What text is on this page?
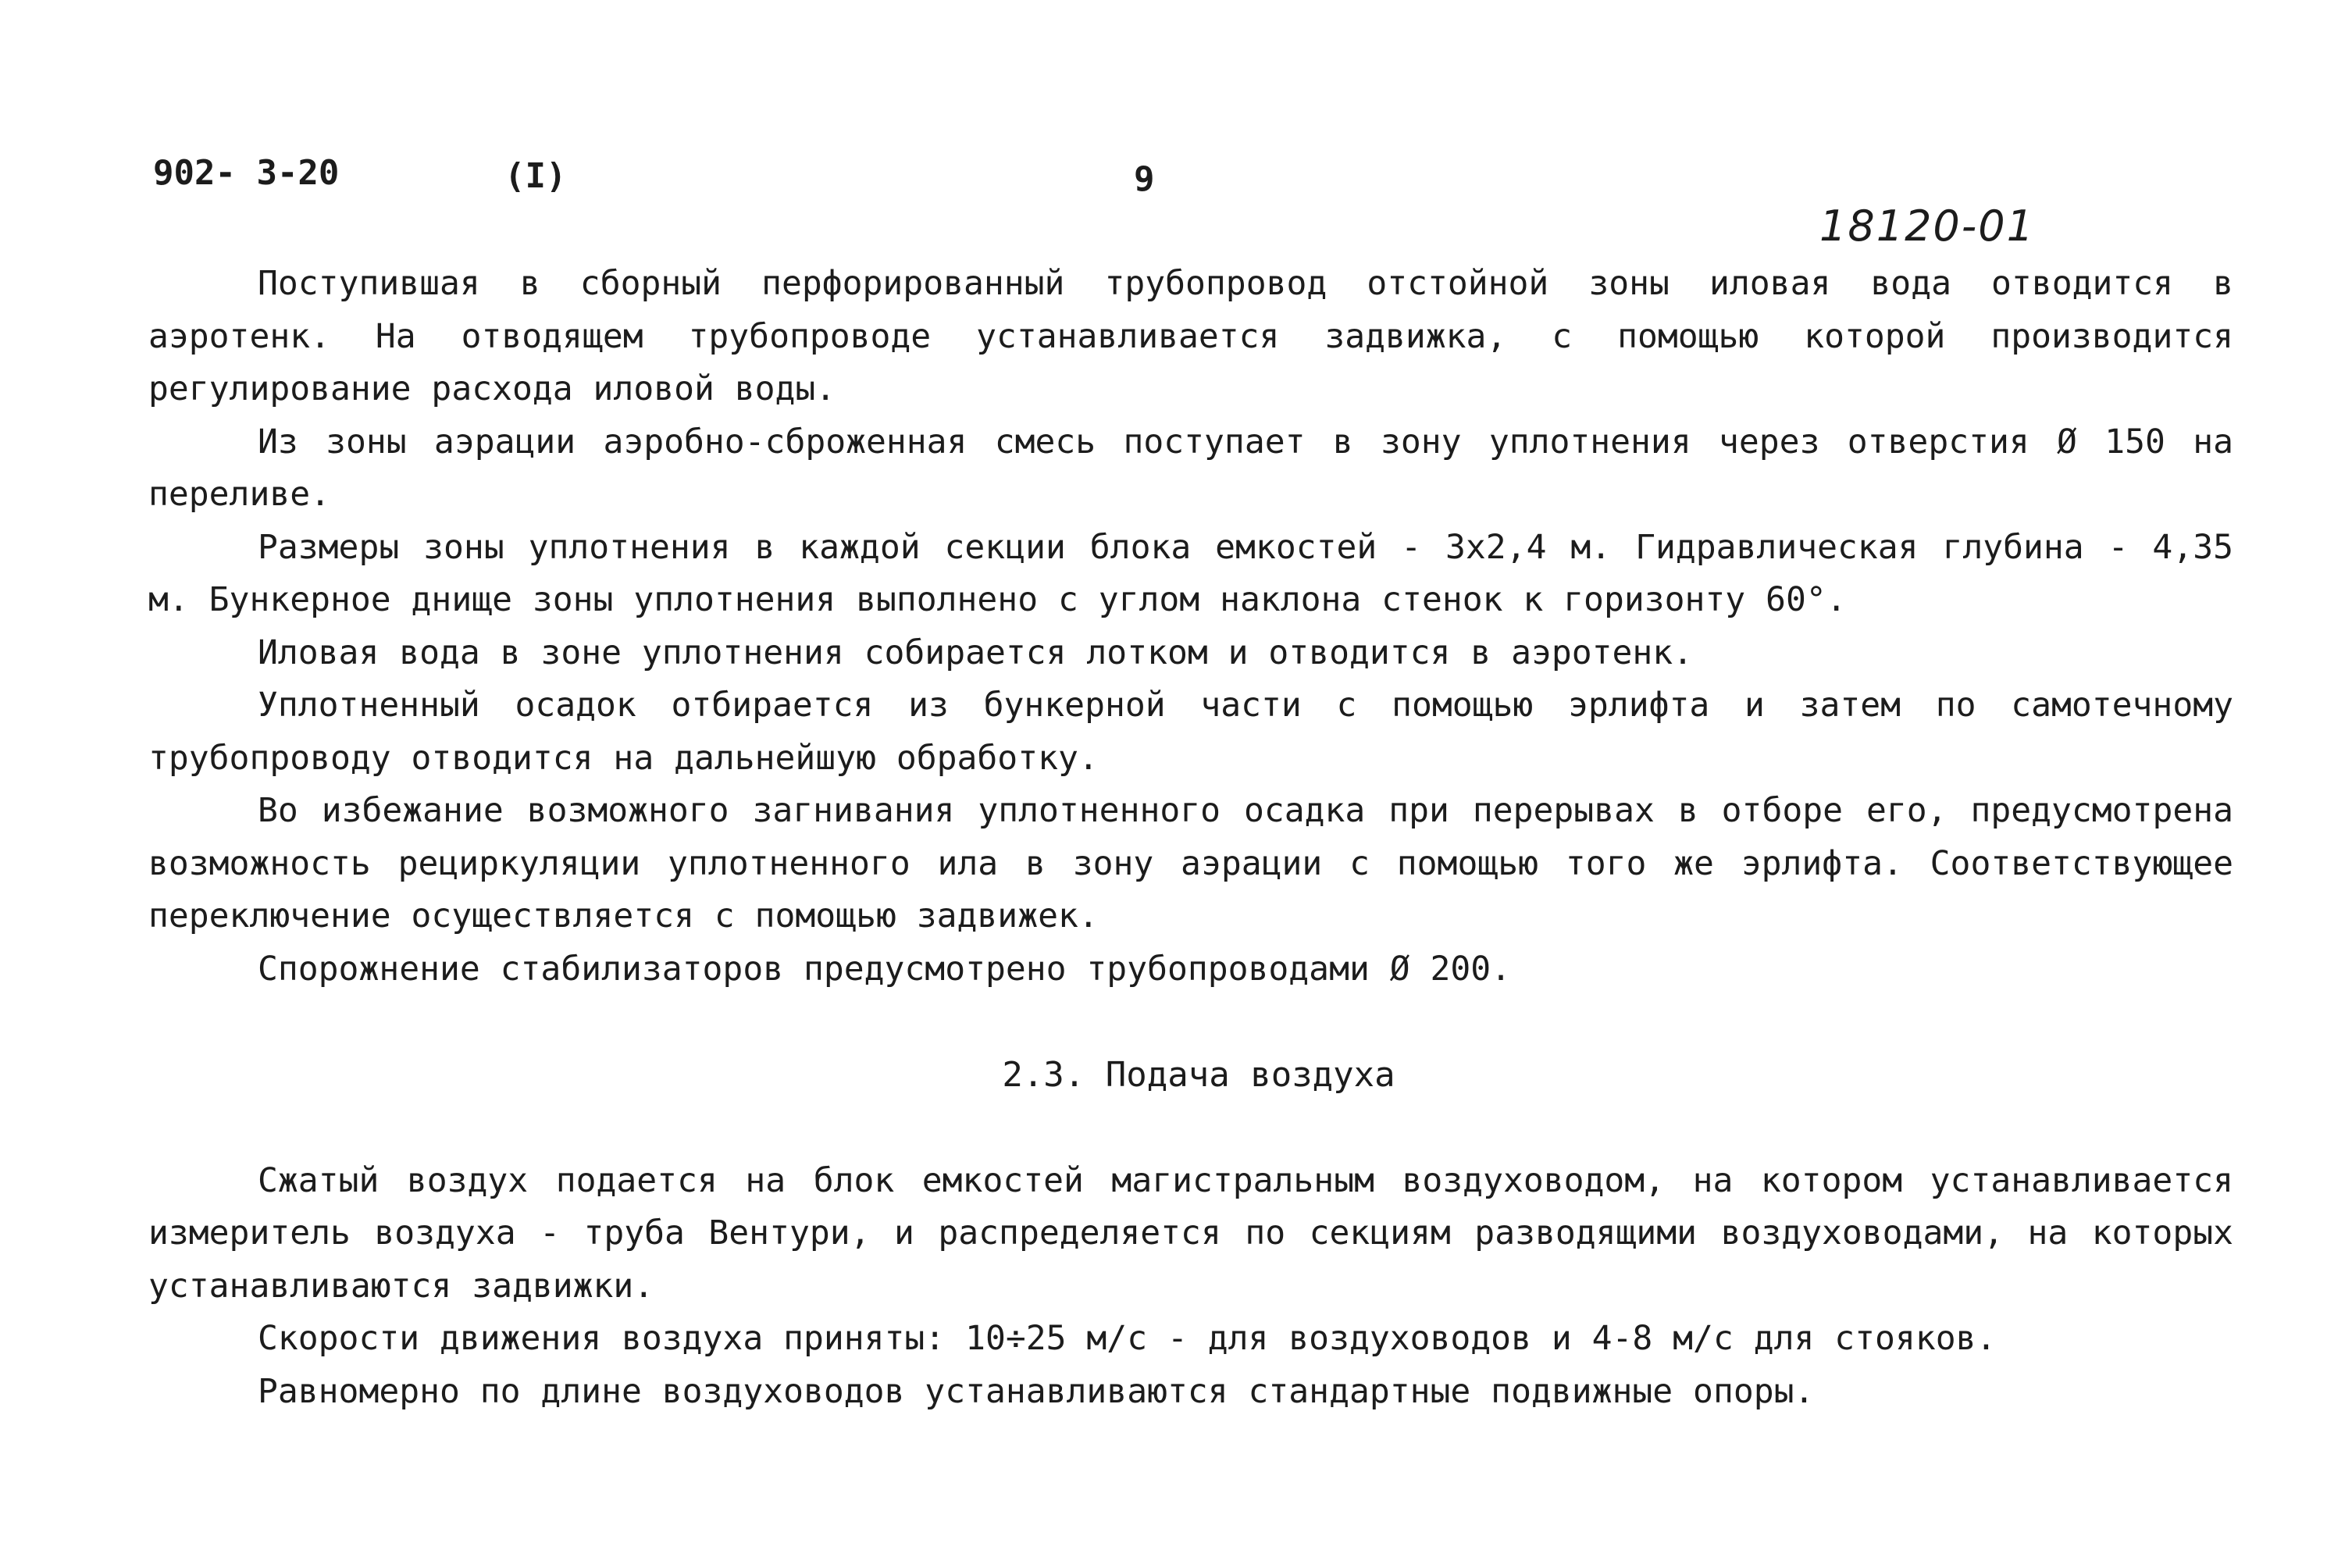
902- 3-20	(I)	9
18120-01

Поступившая в сборный перфорированный трубопровод отстойной зоны иловая вода отводится в аэротенк. На отводящем трубопроводе устанавливается задвижка, с помощью которой производится регулирование расхода иловой воды.

Из зоны аэрации аэробно-сброженная смесь поступает в зону уплотнения через отверстия Ø 150 на переливе.

Размеры зоны уплотнения в каждой секции блока емкостей - 3x2,4 м. Гидравлическая глубина - 4,35 м. Бункерное днище зоны уплотнения выполнено с углом наклона стенок к горизонту 60°.

Иловая вода в зоне уплотнения собирается лотком и отводится в аэротенк.

Уплотненный осадок отбирается из бункерной части с помощью эрлифта и затем по самотечному трубопроводу отводится на дальнейшую обработку.

Во избежание возможного загнивания уплотненного осадка при перерывах в отборе его, предусмотрена возможность рециркуляции уплотненного ила в зону аэрации с помощью того же эрлифта. Соответствующее переключение осуществляется с помощью задвижек.

Спорожнение стабилизаторов предусмотрено трубопроводами Ø 200.

2.3. Подача воздуха

Сжатый воздух подается на блок емкостей магистральным воздуховодом, на котором устанавливается измеритель воздуха - труба Вентури, и распределяется по секциям разводящими воздуховодами, на которых устанавливаются задвижки.

Скорости движения воздуха приняты: 10÷25 м/с - для воздуховодов и 4-8 м/с для стояков.

Равномерно по длине воздуховодов устанавливаются стандартные подвижные опоры.
